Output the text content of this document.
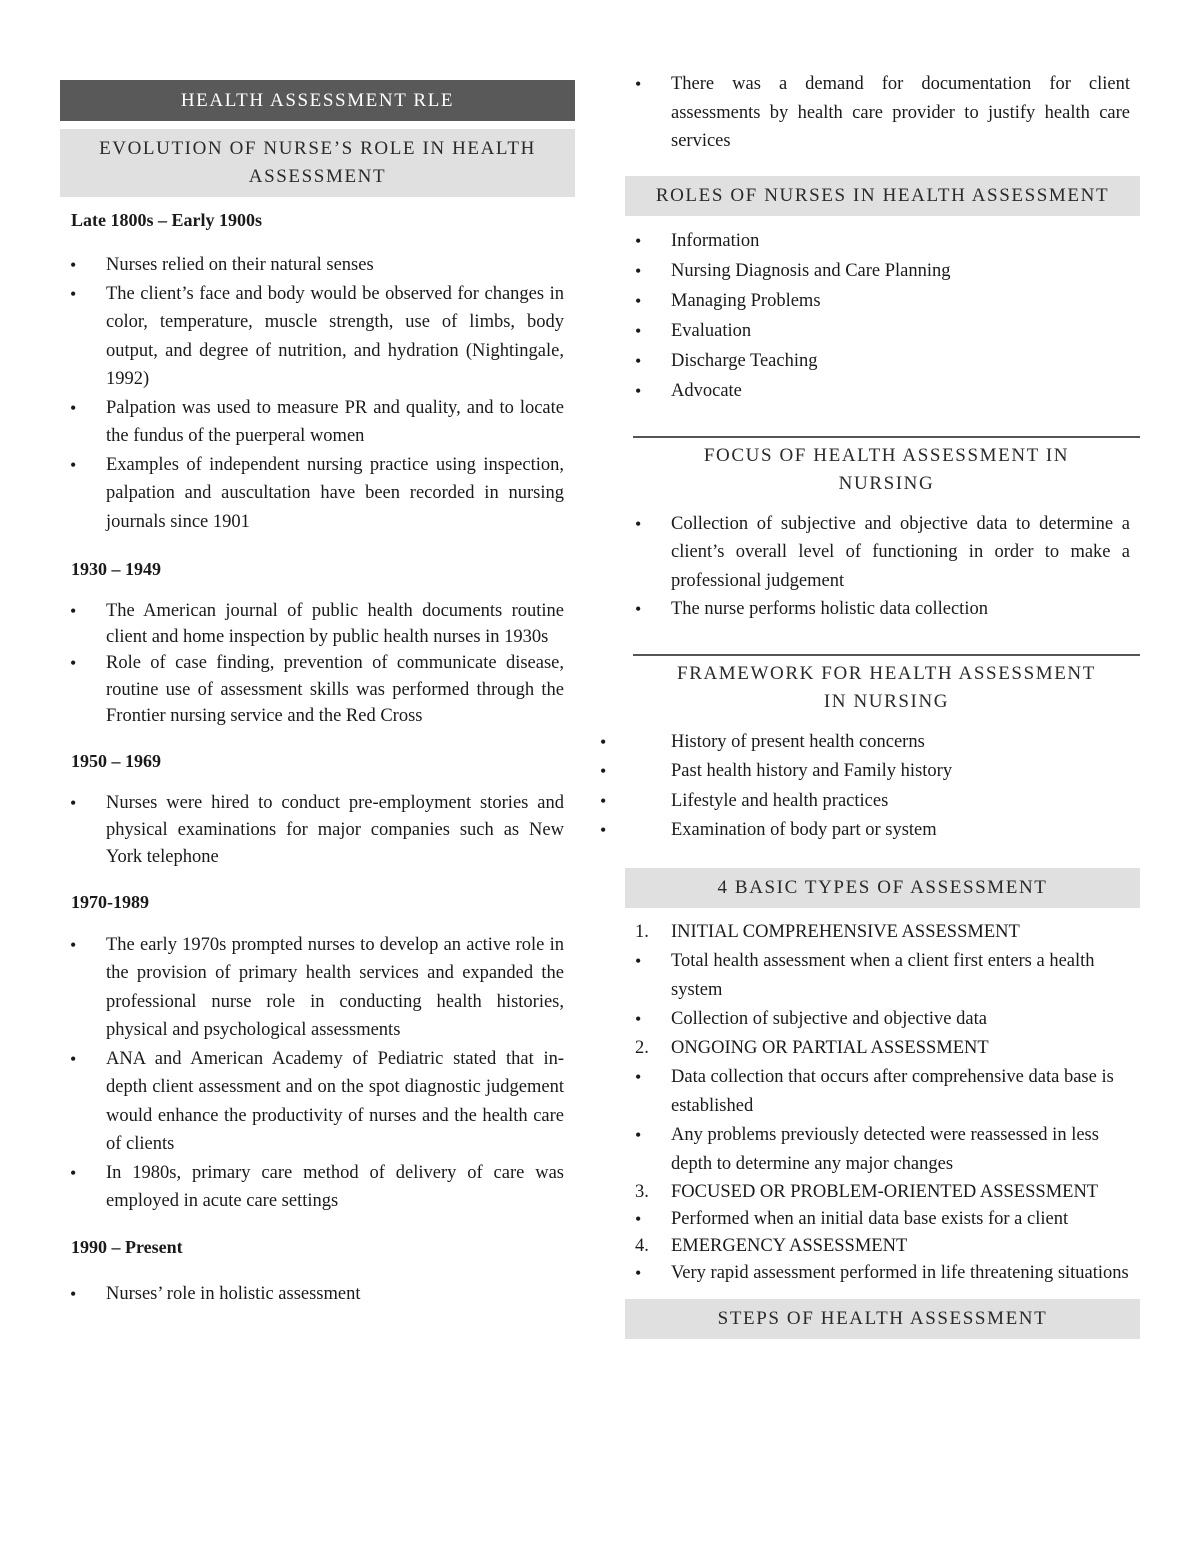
HEALTH ASSESSMENT RLE
EVOLUTION OF NURSE’S ROLE IN HEALTH ASSESSMENT
Late 1800s – Early 1900s
• Nurses relied on their natural senses
• The client’s face and body would be observed for changes in color, temperature, muscle strength, use of limbs, body output, and degree of nutrition, and hydration (Nightingale, 1992)
• Palpation was used to measure PR and quality, and to locate the fundus of the puerperal women
• Examples of independent nursing practice using inspection, palpation and auscultation have been recorded in nursing journals since 1901
1930 – 1949
• The American journal of public health documents routine client and home inspection by public health nurses in 1930s
• Role of case finding, prevention of communicate disease, routine use of assessment skills was performed through the Frontier nursing service and the Red Cross
1950 – 1969
• Nurses were hired to conduct pre-employment stories and physical examinations for major companies such as New York telephone
1970-1989
• The early 1970s prompted nurses to develop an active role in the provision of primary health services and expanded the professional nurse role in conducting health histories, physical and psychological assessments
• ANA and American Academy of Pediatric stated that in-depth client assessment and on the spot diagnostic judgement would enhance the productivity of nurses and the health care of clients
• In 1980s, primary care method of delivery of care was employed in acute care settings
1990 – Present
• Nurses’ role in holistic assessment
• There was a demand for documentation for client assessments by health care provider to justify health care services
ROLES OF NURSES IN HEALTH ASSESSMENT
• Information
• Nursing Diagnosis and Care Planning
• Managing Problems
• Evaluation
• Discharge Teaching
• Advocate
FOCUS OF HEALTH ASSESSMENT IN NURSING
• Collection of subjective and objective data to determine a client’s overall level of functioning in order to make a professional judgement
• The nurse performs holistic data collection
FRAMEWORK FOR HEALTH ASSESSMENT IN NURSING
• History of present health concerns
• Past health history and Family history
• Lifestyle and health practices
• Examination of body part or system
4 BASIC TYPES OF ASSESSMENT
1. INITIAL COMPREHENSIVE ASSESSMENT
• Total health assessment when a client first enters a health system
• Collection of subjective and objective data
2. ONGOING OR PARTIAL ASSESSMENT
• Data collection that occurs after comprehensive data base is established
• Any problems previously detected were reassessed in less depth to determine any major changes
3. FOCUSED OR PROBLEM-ORIENTED ASSESSMENT
• Performed when an initial data base exists for a client
4. EMERGENCY ASSESSMENT
• Very rapid assessment performed in life threatening situations
STEPS OF HEALTH ASSESSMENT
